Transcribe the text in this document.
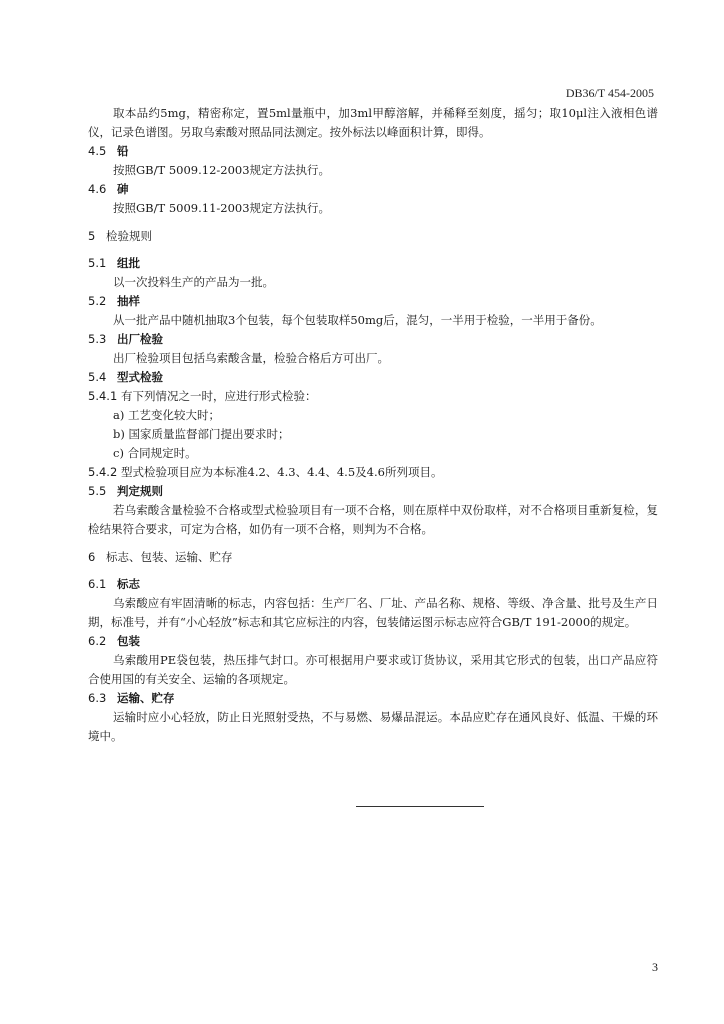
DB36/T 454-2005

取本品约5mg，精密称定，置5ml量瓶中，加3ml甲醇溶解，并稀释至刻度，摇匀；取10μl注入液相色谱仪，记录色谱图。另取乌索酸对照品同法测定。按外标法以峰面积计算，即得。

4.5 铅

按照GB/T 5009.12-2003规定方法执行。

4.6 砷

按照GB/T 5009.11-2003规定方法执行。

5 检验规则

5.1 组批

以一次投料生产的产品为一批。

5.2 抽样

从一批产品中随机抽取3个包装，每个包装取样50mg后，混匀，一半用于检验，一半用于备份。

5.3 出厂检验

出厂检验项目包括乌索酸含量，检验合格后方可出厂。

5.4 型式检验

5.4.1 有下列情况之一时，应进行形式检验：

a) 工艺变化较大时；

b) 国家质量监督部门提出要求时；

c) 合同规定时。

5.4.2 型式检验项目应为本标准4.2、4.3、4.4、4.5及4.6所列项目。

5.5 判定规则

若乌索酸含量检验不合格或型式检验项目有一项不合格，则在原样中双份取样，对不合格项目重新复检，复检结果符合要求，可定为合格，如仍有一项不合格，则判为不合格。

6 标志、包装、运输、贮存

6.1 标志

乌索酸应有牢固清晰的标志，内容包括：生产厂名、厂址、产品名称、规格、等级、净含量、批号及生产日期，标准号，并有“小心轻放”标志和其它应标注的内容，包装储运图示标志应符合GB/T 191-2000的规定。

6.2 包装

乌索酸用PE袋包装，热压排气封口。亦可根据用户要求或订货协议，采用其它形式的包装，出口产品应符合使用国的有关安全、运输的各项规定。

6.3 运输、贮存

运输时应小心轻放，防止日光照射受热，不与易燃、易爆品混运。本品应贮存在通风良好、低温、干燥的环境中。

3
